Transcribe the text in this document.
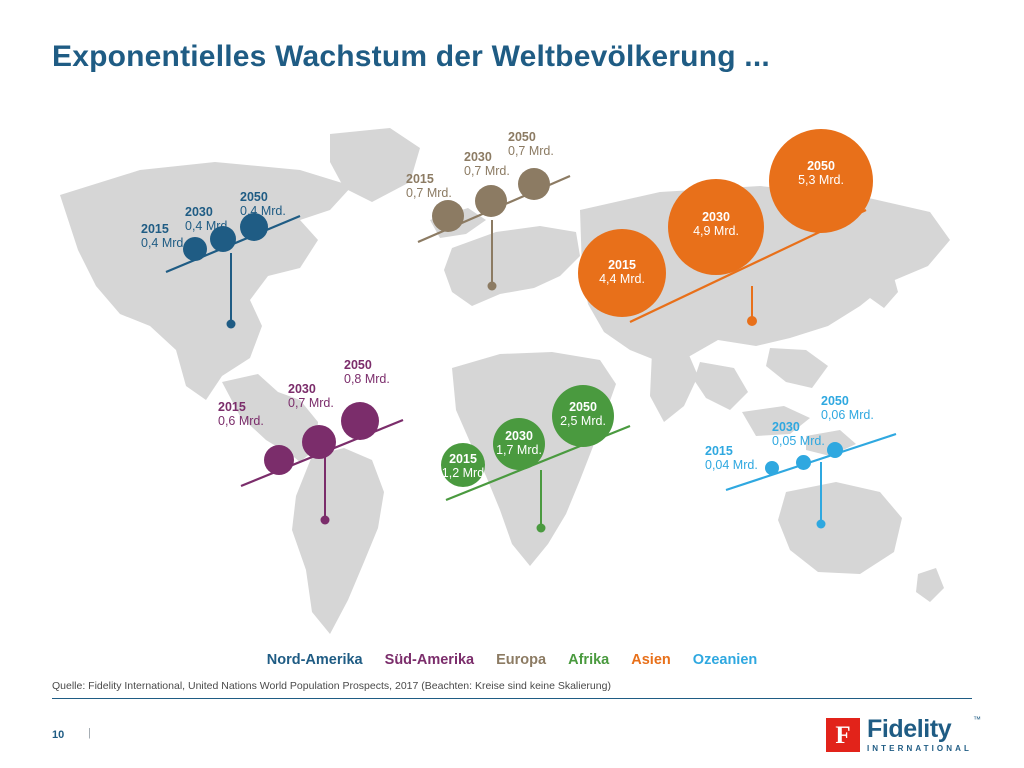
Exponentielles Wachstum der Weltbevölkerung ...
2015
0,4 Mrd.
2030
0,4 Mrd.
2050
0,4 Mrd.
2015
0,6 Mrd.
2030
0,7 Mrd.
2050
0,8 Mrd.
2015
0,7 Mrd.
2030
0,7 Mrd.
2050
0,7 Mrd.
2015
1,2 Mrd
2030
1,7 Mrd.
2050
2,5 Mrd.
2015
4,4 Mrd.
2030
4,9 Mrd.
2050
5,3 Mrd.
2015
0,04 Mrd.
2030
0,05 Mrd.
2050
0,06 Mrd.
Nord-Amerika Süd-Amerika Europa Afrika Asien Ozeanien
Quelle: Fidelity International, United Nations World Population Prospects, 2017 (Beachten: Kreise sind keine Skalierung)
10 |	F Fidelity
INTERNATIONAL
™
